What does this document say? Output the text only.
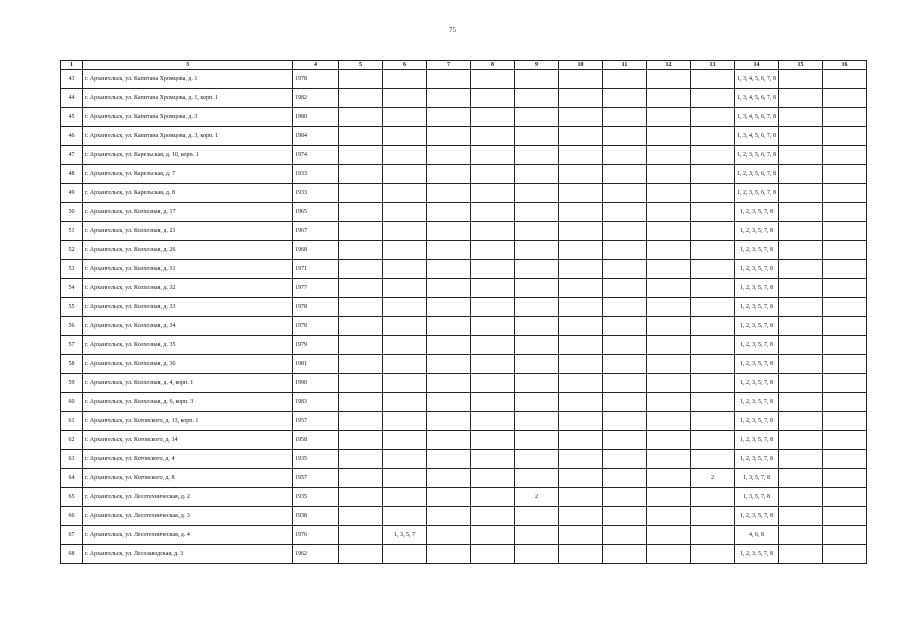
75
1	3	4	5	6	7	8	9	10	11	12	13	14	15	16
43	г. Архангельск, ул. Капитана Хромцова, д. 1	1978										1, 3, 4, 5, 6, 7, 8		
44	г. Архангельск, ул. Капитана Хромцова, д. 1, корп. 1	1982										1, 3, 4, 5, 6, 7, 8		
45	г. Архангельск, ул. Капитана Хромцова, д. 3	1980										1, 3, 4, 5, 6, 7, 8		
46	г. Архангельск, ул. Капитана Хромцова, д. 3, корп. 1	1984										1, 3, 4, 5, 6, 7, 8		
47	г. Архангельск, ул. Карельская, д. 10, корп. 1	1974										1, 2, 3, 5, 6, 7, 8		
48	г. Архангельск, ул. Карельская, д. 7	1933										1, 2, 3, 5, 6, 7, 8		
49	г. Архангельск, ул. Карельская, д. 8	1933										1, 2, 3, 5, 6, 7, 8		
50	г. Архангельск, ул. Колхозная, д. 17	1965										1, 2, 3, 5, 7, 8		
51	г. Архангельск, ул. Колхозная, д. 21	1967										1, 2, 3, 5, 7, 8		
52	г. Архангельск, ул. Колхозная, д. 26	1968										1, 2, 3, 5, 7, 8		
53	г. Архангельск, ул. Колхозная, д. 31	1971										1, 2, 3, 5, 7, 8		
54	г. Архангельск, ул. Колхозная, д. 32	1977										1, 2, 3, 5, 7, 8		
55	г. Архангельск, ул. Колхозная, д. 33	1978										1, 2, 3, 5, 7, 8		
56	г. Архангельск, ул. Колхозная, д. 34	1978										1, 2, 3, 5, 7, 8		
57	г. Архангельск, ул. Колхозная, д. 35	1979										1, 2, 3, 5, 7, 8		
58	г. Архангельск, ул. Колхозная, д. 36	1981										1, 2, 3, 5, 7, 8		
59	г. Архангельск, ул. Колхозная, д. 4, корп. 1	1990										1, 2, 3, 5, 7, 8		
60	г. Архангельск, ул. Колхозная, д. 6, корп. 3	1983										1, 2, 3, 5, 7, 8		
61	г. Архангельск, ул. Котовского, д. 13, корп. 1	1957										1, 2, 3, 5, 7, 8		
62	г. Архангельск, ул. Котовского, д. 14	1958										1, 2, 3, 5, 7, 8		
63	г. Архангельск, ул. Котовского, д. 4	1935										1, 2, 3, 5, 7, 8		
64	г. Архангельск, ул. Котовского, д. 8	1957									2	1, 3, 5, 7, 8		
65	г. Архангельск, ул. Лесотехническая, д. 2	1935					2					1, 3, 5, 7, 8		
66	г. Архангельск, ул. Лесотехническая, д. 3	1938										1, 2, 3, 5, 7, 8		
67	г. Архангельск, ул. Лесотехническая, д. 4	1976		1, 3, 5, 7								4, 6, 8		
68	г. Архангельск, ул. Лесозаводская, д. 3	1962										1, 2, 3, 5, 7, 8		
